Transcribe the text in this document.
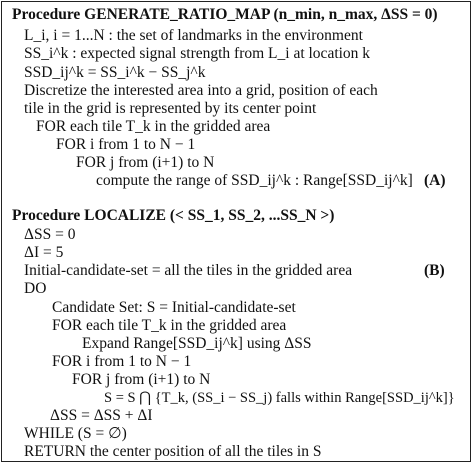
Procedure GENERATE_RATIO_MAP (n_min, n_max, ΔSS = 0)
L_i, i = 1...N : the set of landmarks in the environment
SS_i^k : expected signal strength from L_i at location k
SSD_ij^k = SS_i^k − SS_j^k
Discretize the interested area into a grid, position of each
tile in the grid is represented by its center point
FOR each tile T_k in the gridded area
FOR i from 1 to N − 1
FOR j from (i+1) to N
compute the range of SSD_ij^k : Range[SSD_ij^k] (A)
Procedure LOCALIZE (< SS_1, SS_2, ...SS_N >)
ΔSS = 0
ΔI = 5
Initial-candidate-set = all the tiles in the gridded area	(B)
DO
Candidate Set: S = Initial-candidate-set
FOR each tile T_k in the gridded area
Expand Range[SSD_ij^k] using ΔSS
FOR i from 1 to N − 1
FOR j from (i+1) to N
S = S ⋂ {T_k, (SS_i − SS_j) falls within Range[SSD_ij^k]}
ΔSS = ΔSS + ΔI
WHILE (S = ∅)
RETURN the center position of all the tiles in S
